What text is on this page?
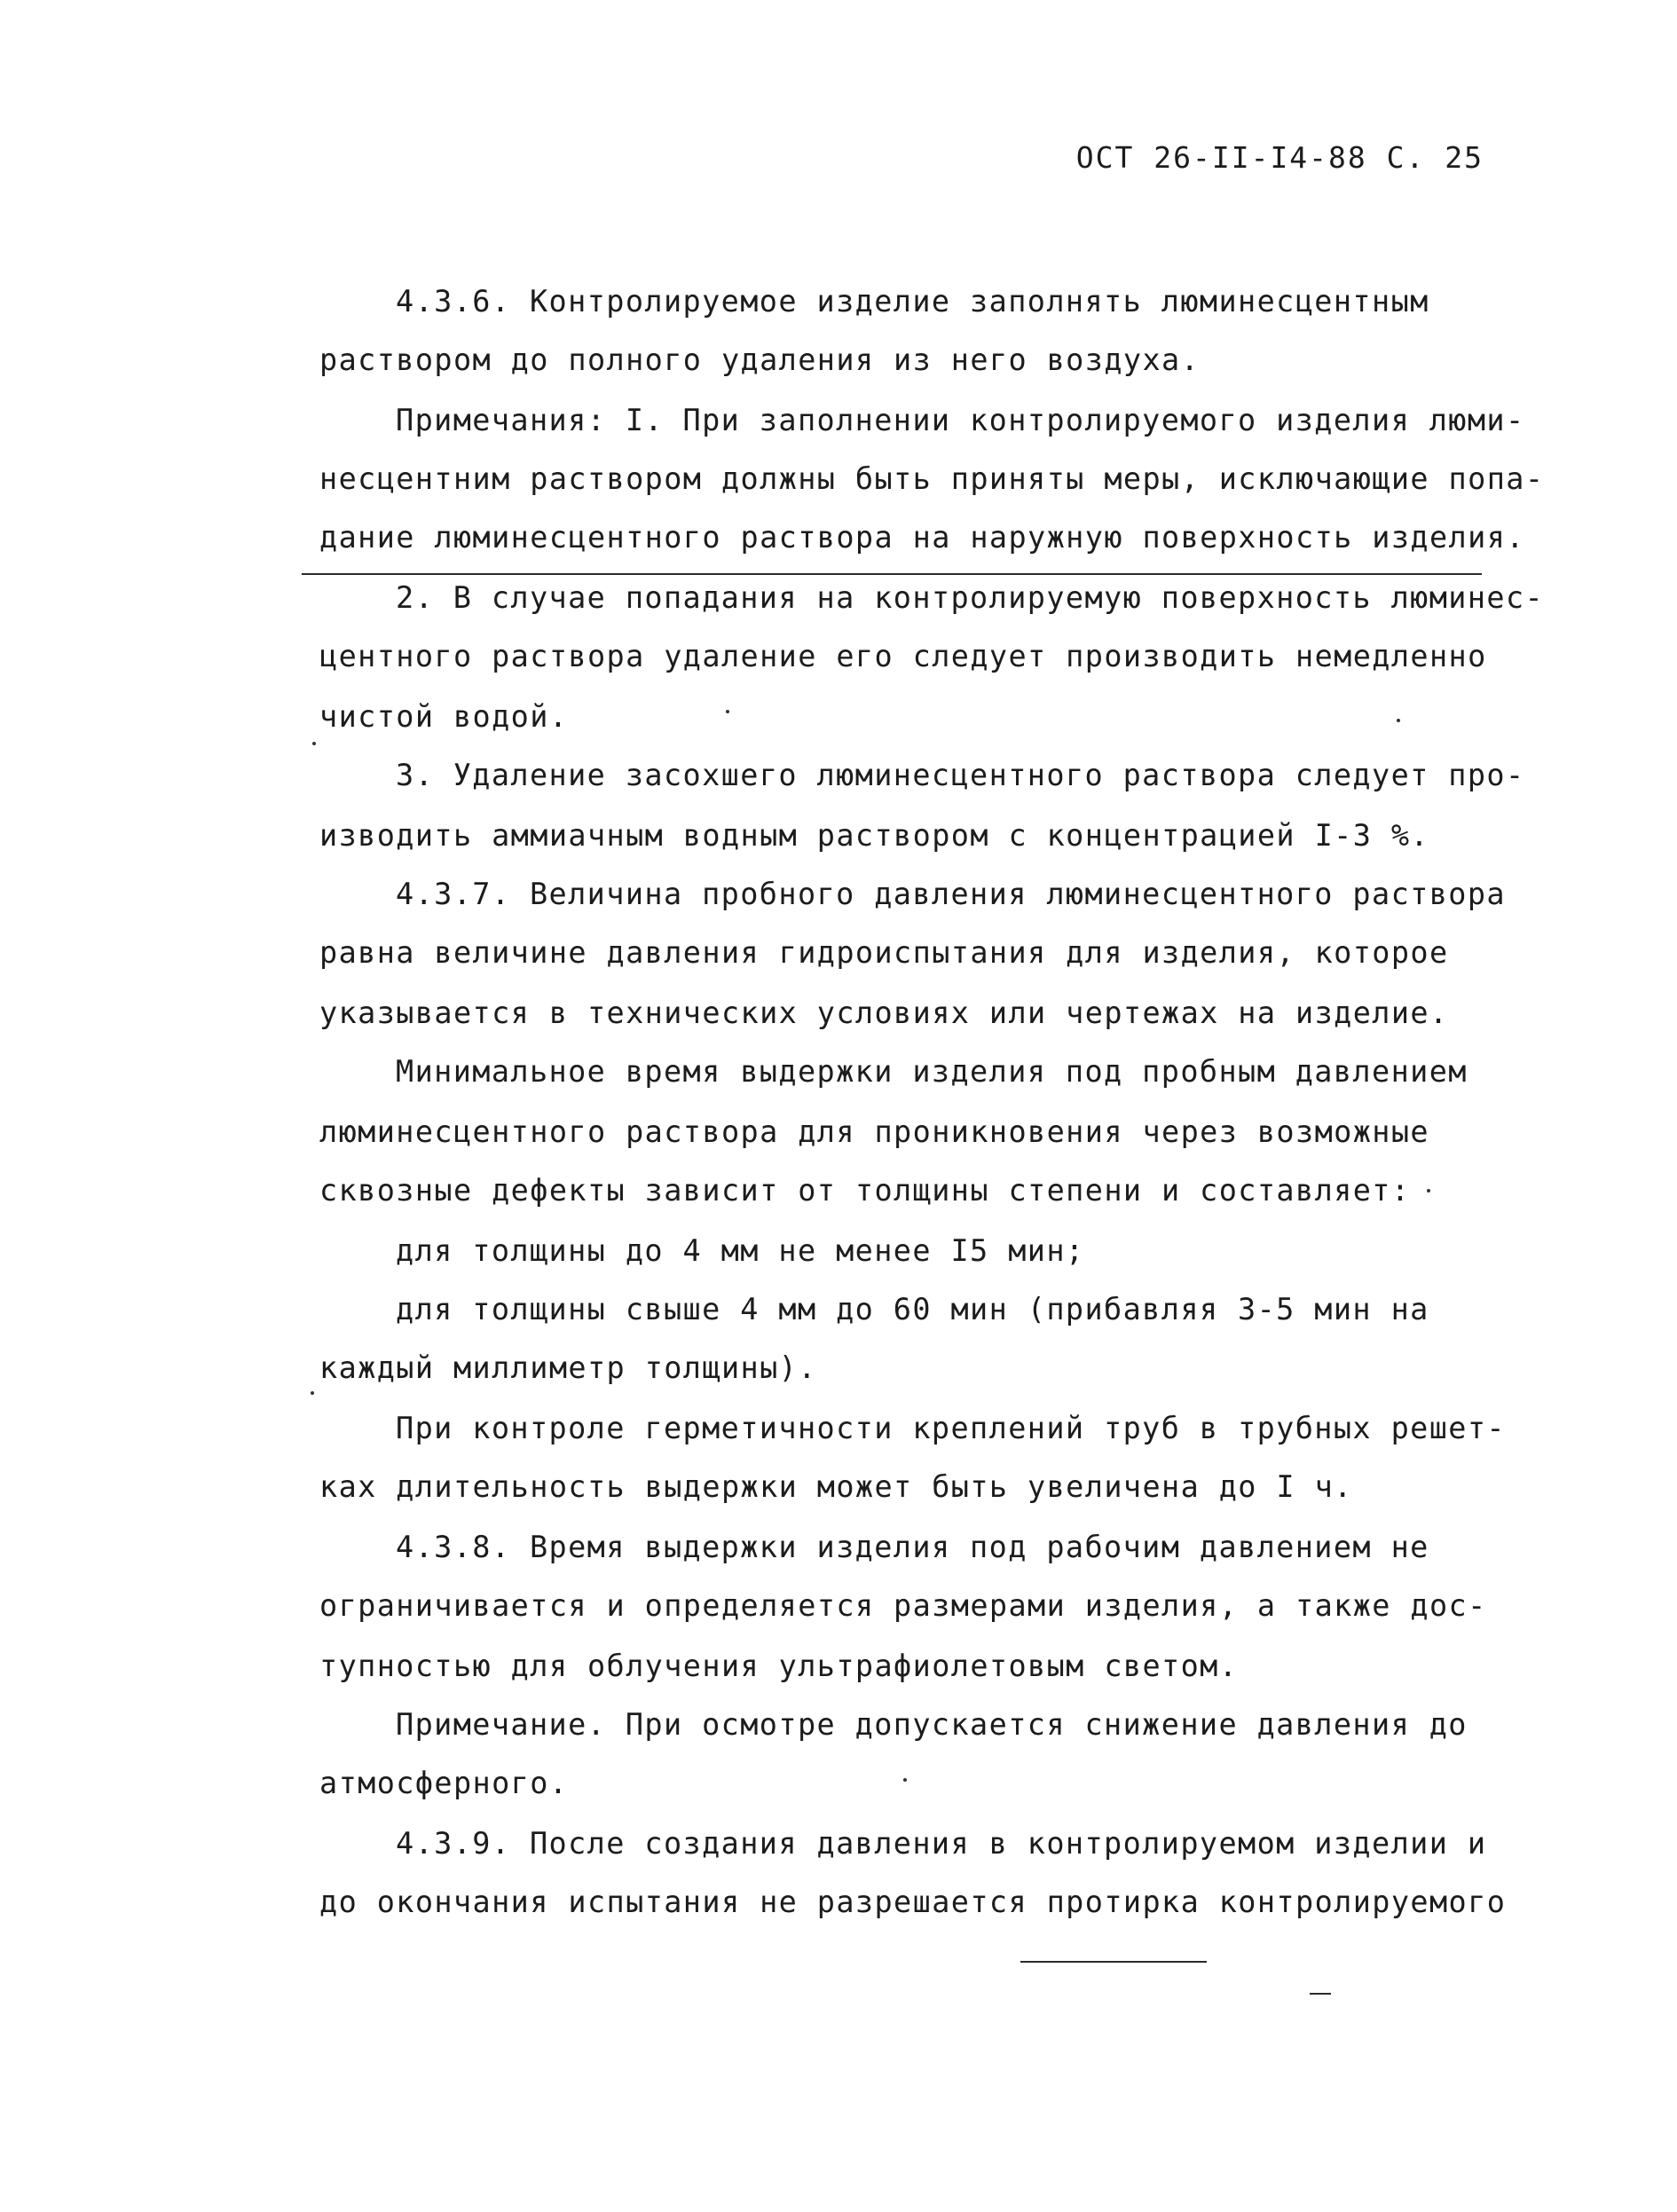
ОСТ 26-II-I4-88 С. 25
4.3.6. Контролируемое изделие заполнять люминесцентным
раствором до полного удаления из него воздуха.
Примечания: I. При заполнении контролируемого изделия люми-
несцентним раствором должны быть приняты меры, исключающие попа-
дание люминесцентного раствора на наружную поверхность изделия.
2. В случае попадания на контролируемую поверхность люминес-
центного раствора удаление его следует производить немедленно
чистой водой.
3. Удаление засохшего люминесцентного раствора следует про-
изводить аммиачным водным раствором с концентрацией I-3 %.
4.3.7. Величина пробного давления люминесцентного раствора
равна величине давления гидроиспытания для изделия, которое
указывается в технических условиях или чертежах на изделие.
Минимальное время выдержки изделия под пробным давлением
люминесцентного раствора для проникновения через возможные
сквозные дефекты зависит от толщины степени и составляет:
для толщины до 4 мм не менее I5 мин;
для толщины свыше 4 мм до 60 мин (прибавляя 3-5 мин на
каждый миллиметр толщины).
При контроле герметичности креплений труб в трубных решет-
ках длительность выдержки может быть увеличена до I ч.
4.3.8. Время выдержки изделия под рабочим давлением не
ограничивается и определяется размерами изделия, а также дос-
тупностью для облучения ультрафиолетовым светом.
Примечание. При осмотре допускается снижение давления до
атмосферного.
4.3.9. После создания давления в контролируемом изделии и
до окончания испытания не разрешается протирка контролируемого
